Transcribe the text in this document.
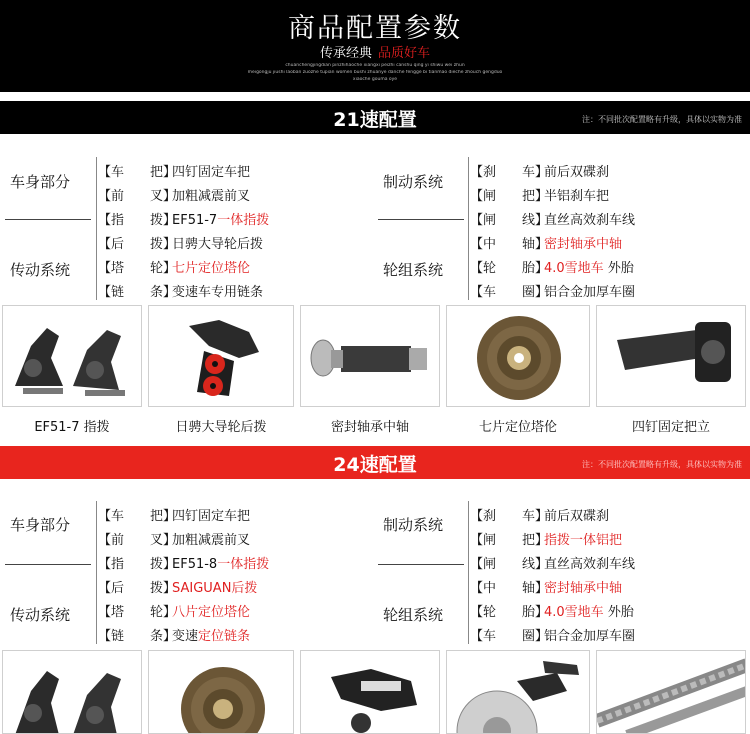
商品配置参数
传承经典 品质好车
chuanchengjingdian pinzhihaoche xiangxi peizhi canshu qing yi shiwu wei zhun
meigongju jiushi laoban zuozhe tupian women bushi zhuanye danche fengge bi tianmao dieche zhouch gengduo
xiaoche gouma oye
21速配置	注：不同批次配置略有升级，具体以实物为准
车身部分
传动系统
制动系统
轮组系统
【车　　把】四钉固定车把
【前　　叉】加粗减震前叉
【指　　拨】EF51-7一体指拨
【后　　拨】日骋大导轮后拨
【塔　　轮】七片定位塔伦
【链　　条】变速车专用链条
【刹　　车】前后双碟刹
【闸　　把】半铝刹车把
【闸　　线】直丝高效刹车线
【中　　轴】密封轴承中轴
【轮　　胎】4.0雪地车 外胎
【车　　圈】铝合金加厚车圈
EF51-7 指拨	日骋大导轮后拨	密封轴承中轴	七片定位塔伦	四钉固定把立
24速配置	注：不同批次配置略有升级，具体以实物为准
车身部分
传动系统
制动系统
轮组系统
【车　　把】四钉固定车把
【前　　叉】加粗减震前叉
【指　　拨】EF51-8一体指拨
【后　　拨】SAIGUAN后拨
【塔　　轮】八片定位塔伦
【链　　条】变速定位链条
【刹　　车】前后双碟刹
【闸　　把】指拨一体铝把
【闸　　线】直丝高效刹车线
【中　　轴】密封轴承中轴
【轮　　胎】4.0雪地车 外胎
【车　　圈】铝合金加厚车圈
